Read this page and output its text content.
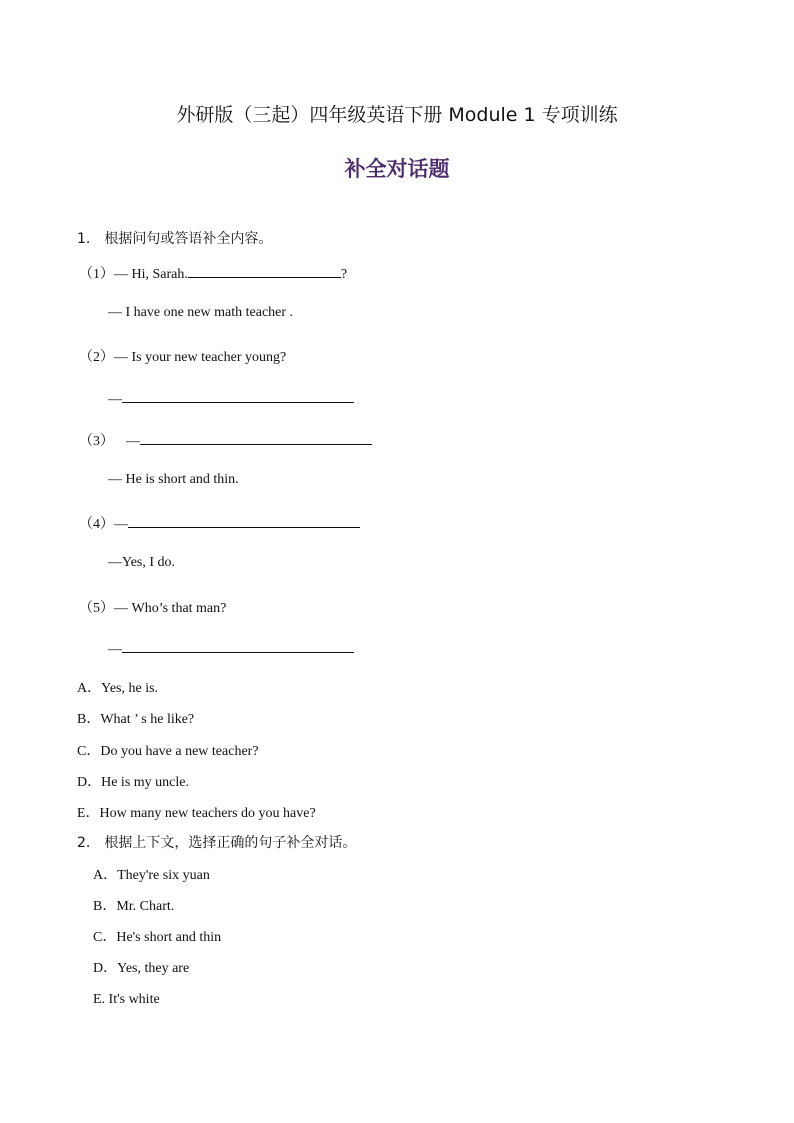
外研版（三起）四年级英语下册 Module 1 专项训练
补全对话题
1.　根据问句或答语补全内容。
（1）— Hi, Sarah.	?
— I have one new math teacher .
（2）— Is your new teacher young?
—
（3） —
— He is short and thin.
（4）—
—Yes, I do.
（5）— Who’s that man?
—
A．Yes, he is.
B．What ’ s he like?
C．Do you have a new teacher?
D．He is my uncle.
E．How many new teachers do you have?
2.　根据上下文，选择正确的句子补全对话。
A．They're six yuan
B．Mr. Chart.
C．He's short and thin
D．Yes, they are
E. It's white
